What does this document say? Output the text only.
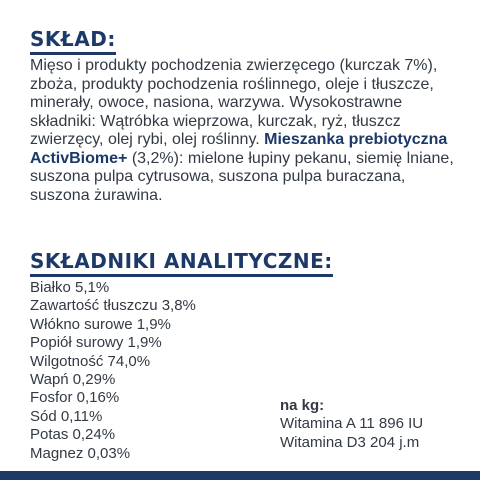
SKŁAD:

Mięso i produkty pochodzenia zwierzęcego (kurczak 7%), zboża, produkty pochodzenia roślinnego, oleje i tłuszcze, minerały, owoce, nasiona, warzywa. Wysokostrawne składniki: Wątróbka wieprzowa, kurczak, ryż, tłuszcz zwierzęcy, olej rybi, olej roślinny. Mieszanka prebiotyczna ActivBiome+ (3,2%): mielone łupiny pekanu, siemię lniane, suszona pulpa cytrusowa, suszona pulpa buraczana, suszona żurawina.

SKŁADNIKI ANALITYCZNE:
Białko 5,1%
Zawartość tłuszczu 3,8%
Włókno surowe 1,9%
Popiół surowy 1,9%
Wilgotność 74,0%
Wapń 0,29%
Fosfor 0,16%
Sód 0,11%
Potas 0,24%
Magnez 0,03%
na kg:
Witamina A 11 896 IU
Witamina D3 204 j.m
